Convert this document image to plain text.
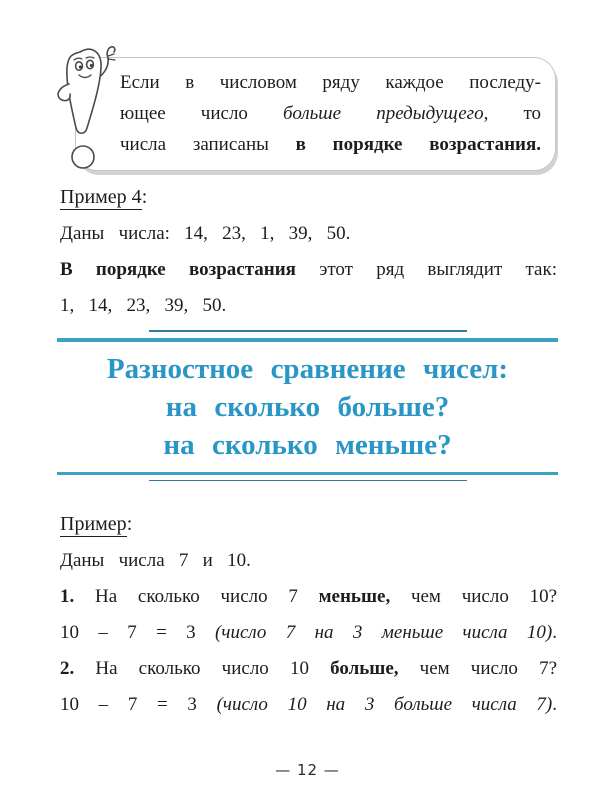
Если в числовом ряду каждое последу-
ющее число больше предыдущего, то
числа записаны в порядке возрастания.
Пример 4:

Даны числа: 14, 23, 1, 39, 50.

В порядке возрастания этот ряд выглядит так:

1, 14, 23, 39, 50.

Разностное сравнение чисел:
на сколько больше?
на сколько меньше?
Пример:

Даны числа 7 и 10.

1. На сколько число 7 меньше, чем число 10?

10 – 7 = 3 (число 7 на 3 меньше числа 10).

2. На сколько число 10 больше, чем число 7?

10 – 7 = 3 (число 10 на 3 больше числа 7).

— 12 —
